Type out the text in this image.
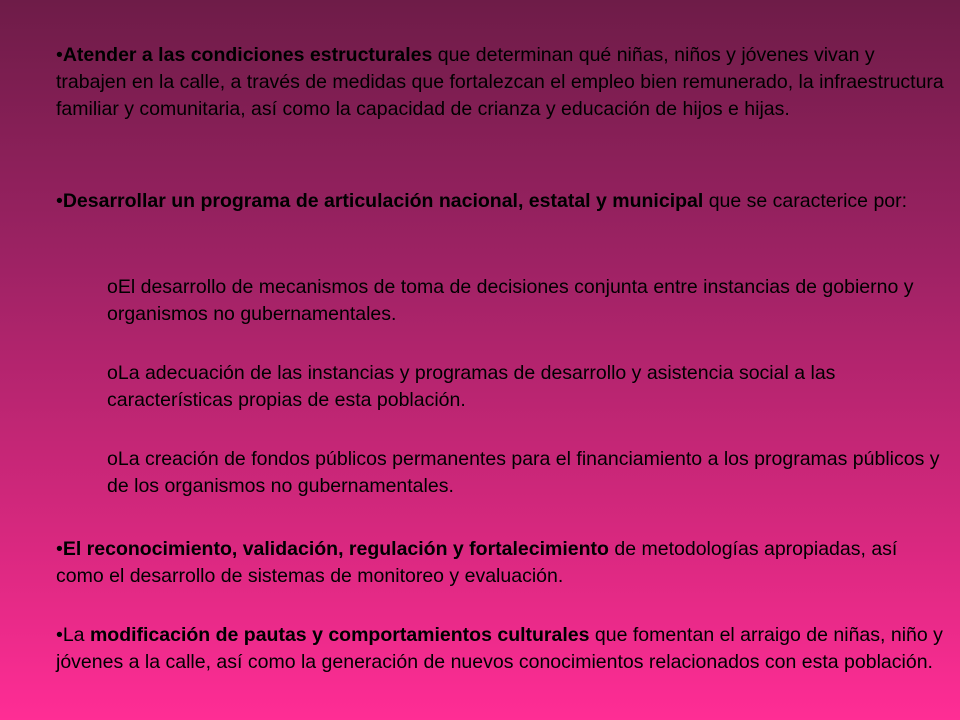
•Atender a las condiciones estructurales que determinan qué niñas, niños y jóvenes vivan y trabajen en la calle, a través de medidas que fortalezcan el empleo bien remunerado, la infraestructura familiar y comunitaria, así como la capacidad de crianza y educación de hijos e hijas.

•Desarrollar un programa de articulación nacional, estatal y municipal que se caracterice por:

oEl desarrollo de mecanismos de toma de decisiones conjunta entre instancias de gobierno y organismos no gubernamentales.

oLa adecuación de las instancias y programas de desarrollo y asistencia social a las características propias de esta población.

oLa creación de fondos públicos permanentes para el financiamiento a los programas públicos y de los organismos no gubernamentales.

•El reconocimiento, validación, regulación y fortalecimiento de metodologías apropiadas, así como el desarrollo de sistemas de monitoreo y evaluación.

•La modificación de pautas y comportamientos culturales que fomentan el arraigo de niñas, niño y jóvenes a la calle, así como la generación de nuevos conocimientos relacionados con esta población.
